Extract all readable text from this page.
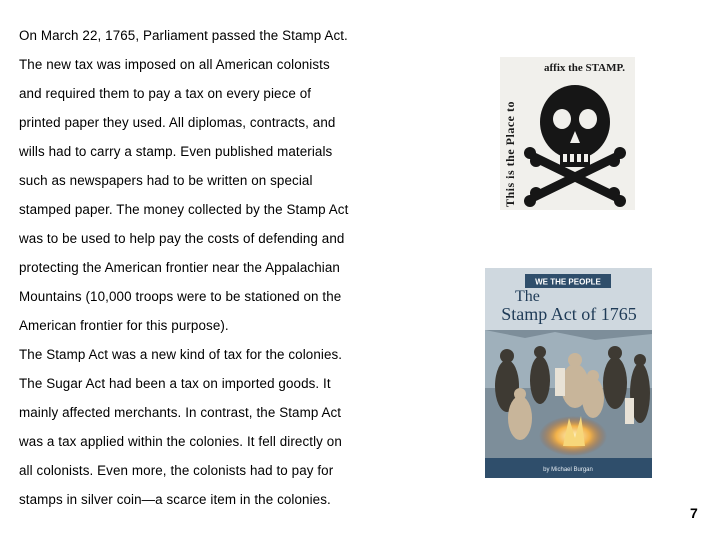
On March 22, 1765, Parliament passed the Stamp Act.
The new tax was imposed on all American colonists
and required them to pay a tax on every piece of
printed paper they used. All diplomas, contracts, and
wills had to carry a stamp. Even published materials
such as newspapers had to be written on special
stamped paper. The money collected by the Stamp Act
was to be used to help pay the costs of defending and
protecting the American frontier near the Appalachian
Mountains (10,000 troops were to be stationed on the
American frontier for this purpose).
The Stamp Act was a new kind of tax for the colonies.
The Sugar Act had been a tax on imported goods. It
mainly affected merchants. In contrast, the Stamp Act
was a tax applied within the colonies. It fell directly on
all colonists. Even more, the colonists had to pay for
stamps in silver coin—a scarce item in the colonies.
affix the STAMP.
This is the Place to
WE THE PEOPLE
The
Stamp Act of 1765
by Michael Burgan
7
